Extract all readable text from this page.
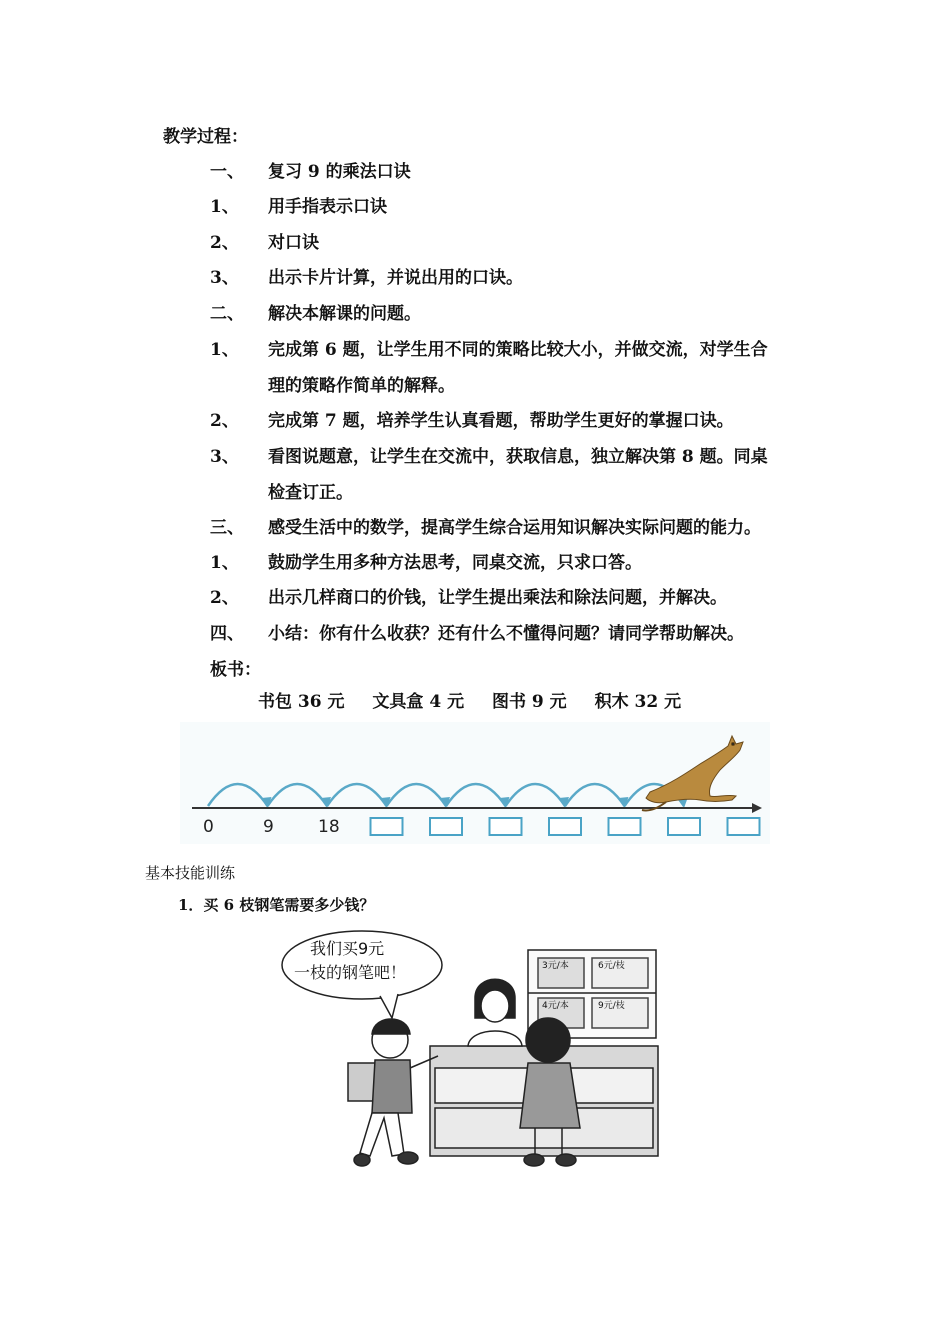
教学过程：
一、 复习 9 的乘法口诀
1、 用手指表示口诀
2、 对口诀
3、 出示卡片计算，并说出用的口诀。
二、 解决本解课的问题。
1、 完成第 6 题，让学生用不同的策略比较大小，并做交流，对学生合
理的策略作简单的解释。
2、 完成第 7 题，培养学生认真看题，帮助学生更好的掌握口诀。
3、 看图说题意，让学生在交流中，获取信息，独立解决第 8 题。同桌
检查订正。
三、 感受生活中的数学，提高学生综合运用知识解决实际问题的能力。
1、 鼓励学生用多种方法思考，同桌交流，只求口答。
2、 出示几样商口的价钱，让学生提出乘法和除法问题，并解决。
四、 小结：你有什么收获？还有什么不懂得问题？请同学帮助解决。
板书：
书包 36 元 文具盒 4 元 图书 9 元 积木 32 元
0	9	18
基本技能训练
1．买 6 枝钢笔需要多少钱？
我们买9元
一枝的钢笔吧！	3元/本	6元/枝
4元/本	9元/枝
